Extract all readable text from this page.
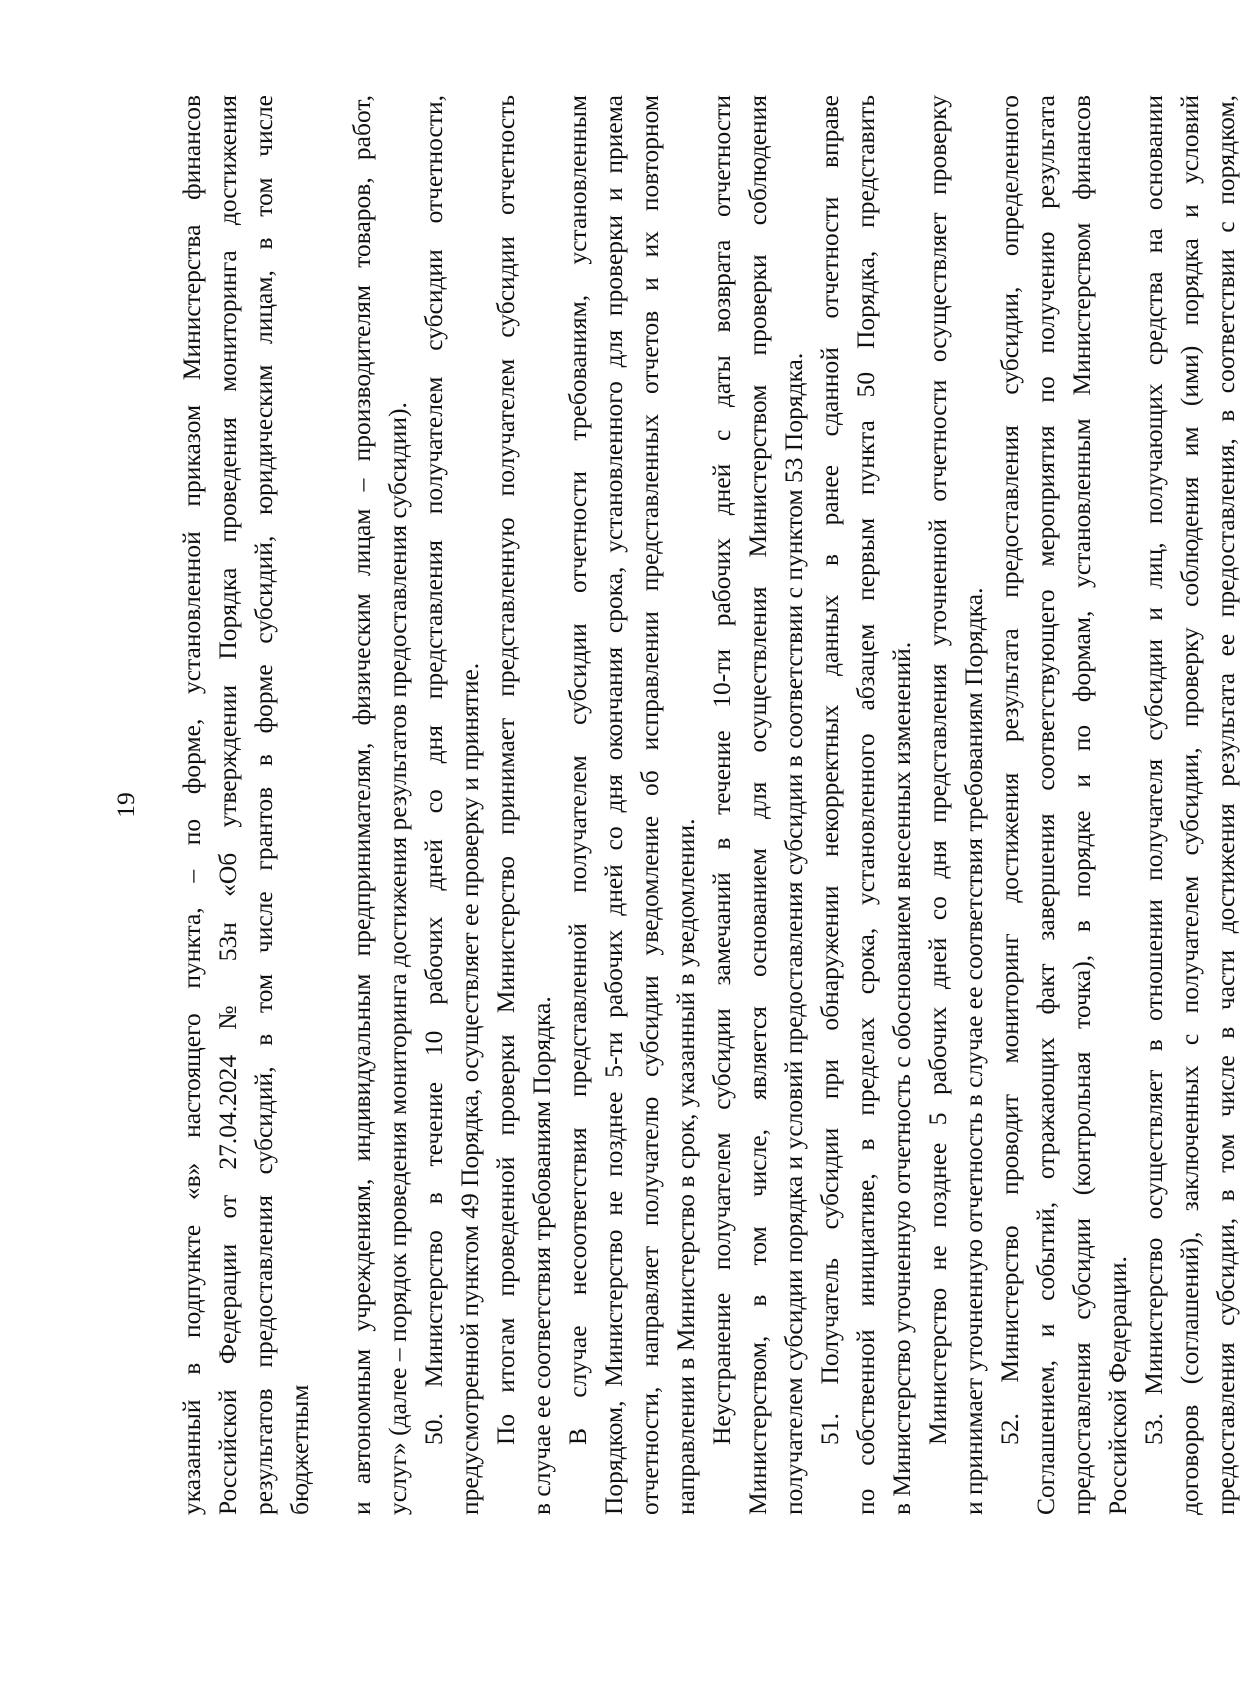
19 указанный в подпункте «в» настоящего пункта, – по форме, установленной приказом Министерства финансов Российской Федерации от 27.04.2024 № 53н «Об утверждении Порядка проведения мониторинга достижения результатов предоставления субсидий, в том числе грантов в форме субсидий, юридическим лицам, в том числе бюджетным и автономным учреждениям, индивидуальным предпринимателям, физическим лицам – производителям товаров, работ, услуг» (далее – порядок проведения мониторинга достижения результатов предоставления субсидии). 50. Министерство в течение 10 рабочих дней со дня представления получателем субсидии отчетности, предусмотренной пунктом 49 Порядка, осуществляет ее проверку и принятие. По итогам проведенной проверки Министерство принимает представленную получателем субсидии отчетность в случае ее соответствия требованиям Порядка. В случае несоответствия представленной получателем субсидии отчетности требованиям, установленным Порядком, Министерство не позднее 5-ти рабочих дней со дня окончания срока, установленного для проверки и приема отчетности, направляет получателю субсидии уведомление об исправлении представленных отчетов и их повторном направлении в Министерство в срок, указанный в уведомлении. Неустранение получателем субсидии замечаний в течение 10-ти рабочих дней с даты возврата отчетности Министерством, в том числе, является основанием для осуществления Министерством проверки соблюдения получателем субсидии порядка и условий предоставления субсидии в соответствии с пунктом 53 Порядка. 51. Получатель субсидии при обнаружении некорректных данных в ранее сданной отчетности вправе по собственной инициативе, в пределах срока, установленного абзацем первым пункта 50 Порядка, представить в Министерство уточненную отчетность с обоснованием внесенных изменений. Министерство не позднее 5 рабочих дней со дня представления уточненной отчетности осуществляет проверку и принимает уточненную отчетность в случае ее соответствия требованиям Порядка. 52. Министерство проводит мониторинг достижения результата предоставления субсидии, определенного Соглашением, и событий, отражающих факт завершения соответствующего мероприятия по получению результата предоставления субсидии (контрольная точка), в порядке и по формам, установленным Министерством финансов Российской Федерации. 53. Министерство осуществляет в отношении получателя субсидии и лиц, получающих средства на основании договоров (соглашений), заключенных с получателем субсидии, проверку соблюдения им (ими) порядка и условий предоставления субсидии, в том числе в части достижения результата ее предоставления, в соответствии с порядком,
